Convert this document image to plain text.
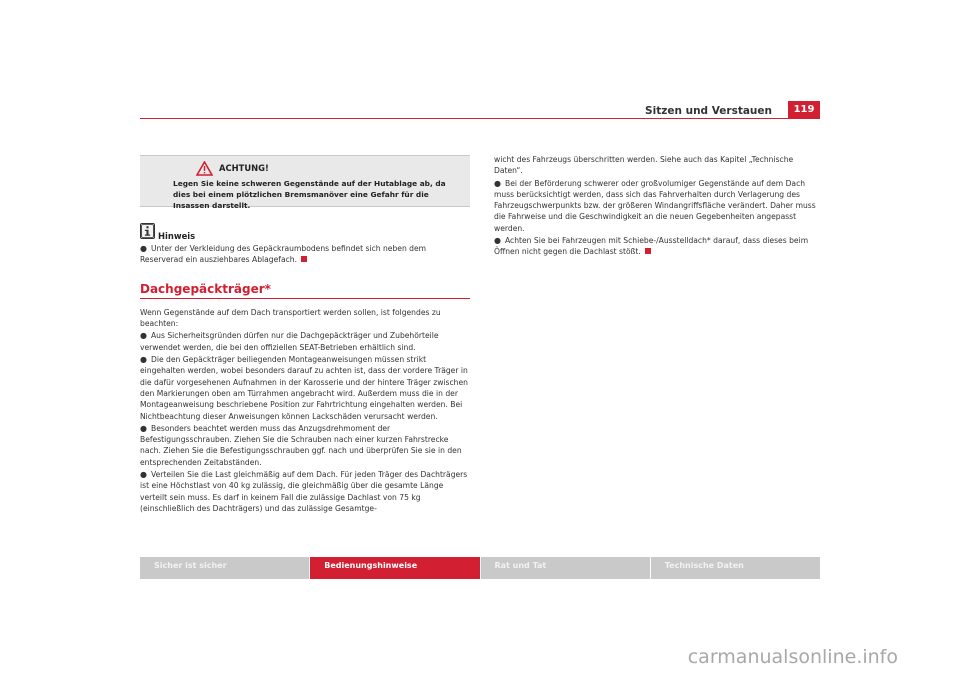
Sitzen und Verstauen	119
ACHTUNG!
Legen Sie keine schweren Gegenstände auf der Hutablage ab, da dies bei einem plötzlichen Bremsmanöver eine Gefahr für die Insassen darstellt.
Hinweis

● Unter der Verkleidung des Gepäckraumbodens befindet sich neben dem Reserverad ein ausziehbares Ablagefach.

Dachgepäckträger*

Wenn Gegenstände auf dem Dach transportiert werden sollen, ist folgendes zu beachten:

● Aus Sicherheitsgründen dürfen nur die Dachgepäckträger und Zubehörteile verwendet werden, die bei den offiziellen SEAT-Betrieben erhältlich sind.

● Die den Gepäckträger beiliegenden Montageanweisungen müssen strikt eingehalten werden, wobei besonders darauf zu achten ist, dass der vordere Träger in die dafür vorgesehenen Aufnahmen in der Karosserie und der hintere Träger zwischen den Markierungen oben am Türrahmen angebracht wird. Außerdem muss die in der Montageanweisung beschriebene Position zur Fahrtrichtung eingehalten werden. Bei Nichtbeachtung dieser Anweisungen können Lackschäden verursacht werden.

● Besonders beachtet werden muss das Anzugsdrehmoment der Befestigungsschrauben. Ziehen Sie die Schrauben nach einer kurzen Fahrstrecke nach. Ziehen Sie die Befestigungsschrauben ggf. nach und überprüfen Sie sie in den entsprechenden Zeitabständen.

● Verteilen Sie die Last gleichmäßig auf dem Dach. Für jeden Träger des Dachträgers ist eine Höchstlast von 40 kg zulässig, die gleichmäßig über die gesamte Länge verteilt sein muss. Es darf in keinem Fall die zulässige Dachlast von 75 kg (einschließlich des Dachträgers) und das zulässige Gesamtge-

wicht des Fahrzeugs überschritten werden. Siehe auch das Kapitel „Technische Daten“.

● Bei der Beförderung schwerer oder großvolumiger Gegenstände auf dem Dach muss berücksichtigt werden, dass sich das Fahrverhalten durch Verlagerung des Fahrzeugschwerpunkts bzw. der größeren Windangriffsfläche verändert. Daher muss die Fahrweise und die Geschwindigkeit an die neuen Gegebenheiten angepasst werden.

● Achten Sie bei Fahrzeugen mit Schiebe-/Ausstelldach* darauf, dass dieses beim Öffnen nicht gegen die Dachlast stößt.

Sicher ist sicher	Bedienungshinweise	Rat und Tat	Technische Daten
carmanualsonline.info
